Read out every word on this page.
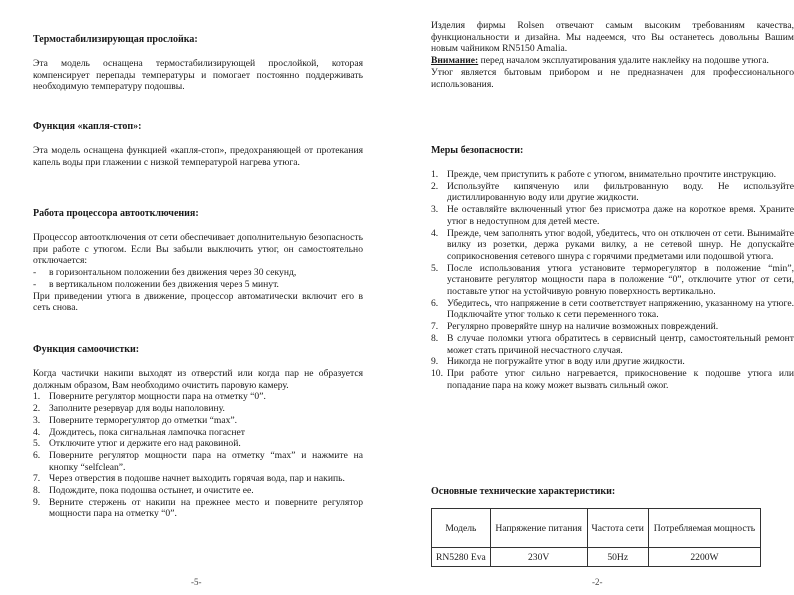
Термостабилизирующая прослойка:
Эта модель оснащена термостабилизирующей прослойкой, которая компенсирует перепады температуры и помогает постоянно поддерживать необходимую температуру подошвы.
Функция «капля-стоп»:
Эта модель оснащена функцией «капля-стоп», предохраняющей от протекания капель воды при глажении с низкой температурой нагрева утюга.
Работа процессора автоотключения:
Процессор автоотключения от сети обеспечивает дополнительную безопасность при работе с утюгом. Если Вы забыли выключить утюг, он самостоятельно отключается:
-	в горизонтальном положении без движения через 30 секунд,
-	в вертикальном положении без движения через 5 минут.
При приведении утюга в движение, процессор автоматически включит его в сеть снова.
Функция самоочистки:
Когда частички накипи выходят из отверстий или когда пар не образуется должным образом, Вам необходимо очистить паровую камеру.
1. Поверните регулятор мощности пара на отметку “0”.
2. Заполните резервуар для воды наполовину.
3. Поверните терморегулятор до отметки “max”.
4. Дождитесь, пока сигнальная лампочка погаснет
5. Отключите утюг и держите его над раковиной.
6. Поверните регулятор мощности пара на отметку “max” и нажмите на кнопку “selfclean”.
7. Через отверстия в подошве начнет выходить горячая вода, пар и накипь.
8. Подождите, пока подошва остынет, и очистите ее.
9. Верните стержень от накипи на прежнее место и поверните регулятор мощности пара на отметку “0”.
-5-
Изделия фирмы Rolsen отвечают самым высоким требованиям качества, функциональности и дизайна. Мы надеемся, что Вы останетесь довольны Вашим новым чайником RN5150 Amalia.
Внимание: перед началом эксплуатирования удалите наклейку на подошве утюга.
Утюг является бытовым прибором и не предназначен для профессионального использования.
Меры безопасности:
1. Прежде, чем приступить к работе с утюгом, внимательно прочтите инструкцию.
2. Используйте кипяченую или фильтрованную воду. Не используйте дистиллированную воду или другие жидкости.
3. Не оставляйте включенный утюг без присмотра даже на короткое время. Храните утюг в недоступном для детей месте.
4. Прежде, чем заполнять утюг водой, убедитесь, что он отключен от сети. Вынимайте вилку из розетки, держа руками вилку, а не сетевой шнур. Не допускайте соприкосновения сетевого шнура с горячими предметами или подошвой утюга.
5. После использования утюга установите терморегулятор в положение “min”, установите регулятор мощности пара в положение “0”, отключите утюг от сети, поставьте утюг на устойчивую ровную поверхность вертикально.
6. Убедитесь, что напряжение в сети соответствует напряжению, указанному на утюге. Подключайте утюг только к сети переменного тока.
7. Регулярно проверяйте шнур на наличие возможных повреждений.
8. В случае поломки утюга обратитесь в сервисный центр, самостоятельный ремонт может стать причиной несчастного случая.
9. Никогда не погружайте утюг в воду или другие жидкости.
10. При работе утюг сильно нагревается, прикосновение к подошве утюга или попадание пара на кожу может вызвать сильный ожог.
Основные технические характеристики:
Модель	Напряжение питания	Частота сети	Потребляемая мощность
RN5280 Eva	230V	50Hz	2200W
-2-
